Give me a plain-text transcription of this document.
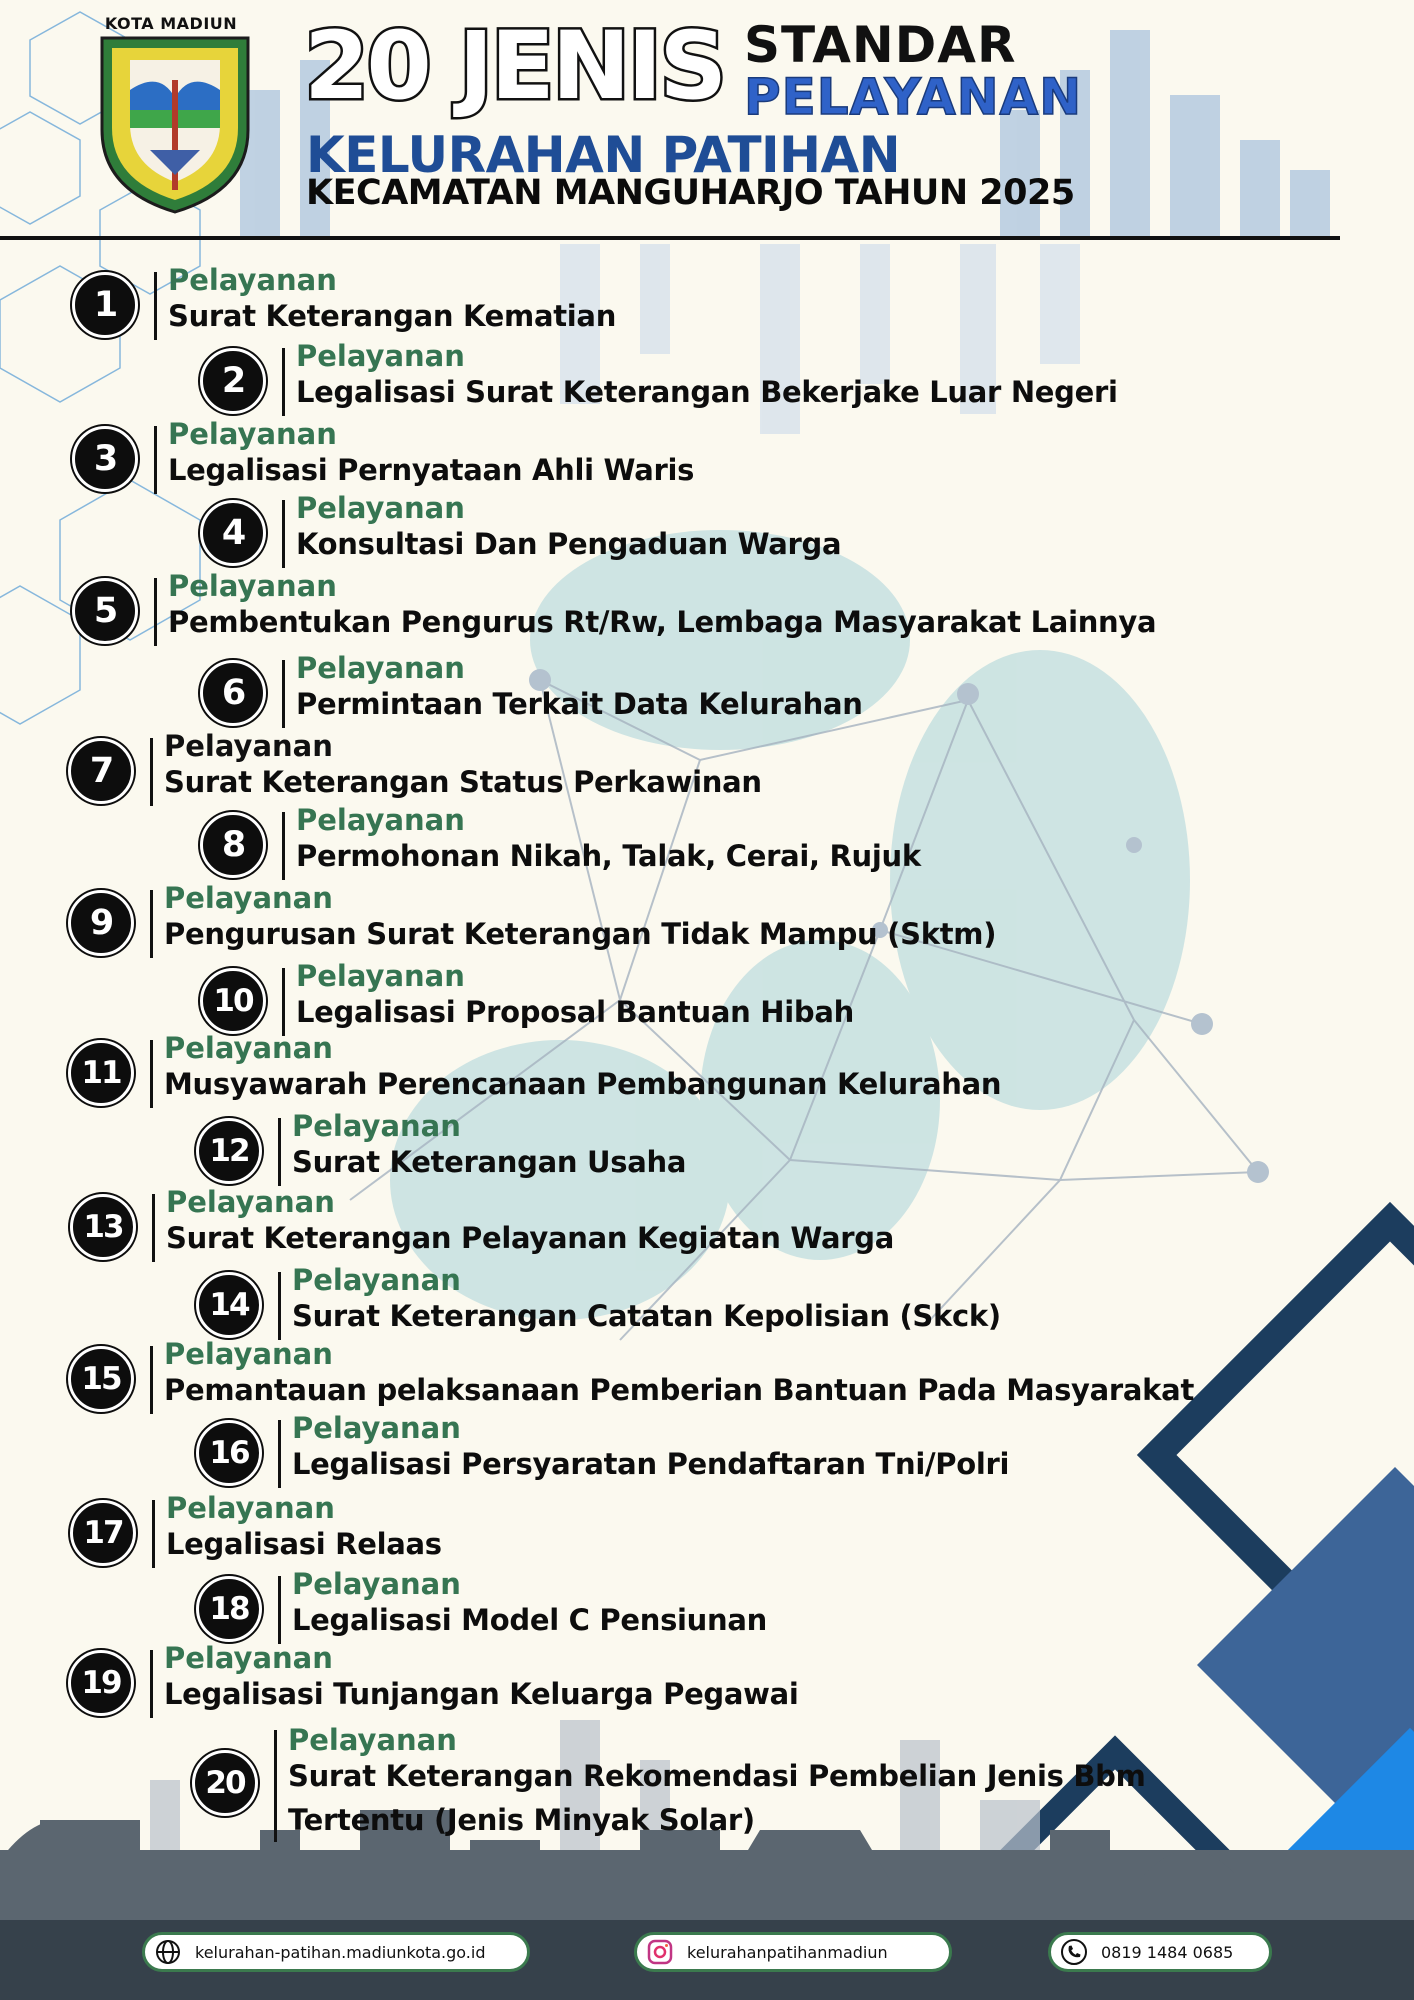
KOTA MADIUN 20 JENIS STANDAR
PELAYANAN
KELURAHAN PATIHAN
KECAMATAN MANGUHARJO TAHUN 2025
1
Pelayanan
Surat Keterangan Kematian
2
Pelayanan
Legalisasi Surat Keterangan Bekerjake Luar Negeri
3
Pelayanan
Legalisasi Pernyataan Ahli Waris
4
Pelayanan
Konsultasi Dan Pengaduan Warga
5
Pelayanan
Pembentukan Pengurus Rt/Rw, Lembaga Masyarakat Lainnya
6
Pelayanan
Permintaan Terkait Data Kelurahan
7
Pelayanan
Surat Keterangan Status Perkawinan
8
Pelayanan
Permohonan Nikah, Talak, Cerai, Rujuk
9
Pelayanan
Pengurusan Surat Keterangan Tidak Mampu (Sktm)
10
Pelayanan
Legalisasi Proposal Bantuan Hibah
11
Pelayanan
Musyawarah Perencanaan Pembangunan Kelurahan
12
Pelayanan
Surat Keterangan Usaha
13
Pelayanan
Surat Keterangan Pelayanan Kegiatan Warga
14
Pelayanan
Surat Keterangan Catatan Kepolisian (Skck)
15
Pelayanan
Pemantauan pelaksanaan Pemberian Bantuan Pada Masyarakat
16
Pelayanan
Legalisasi Persyaratan Pendaftaran Tni/Polri
17
Pelayanan
Legalisasi Relaas
18
Pelayanan
Legalisasi Model C Pensiunan
19
Pelayanan
Legalisasi Tunjangan Keluarga Pegawai
20
Pelayanan
Surat Keterangan Rekomendasi Pembelian Jenis Bbm Tertentu (Jenis Minyak Solar)
kelurahan-patihan.madiunkota.go.id	kelurahanpatihanmadiun	0819 1484 0685
